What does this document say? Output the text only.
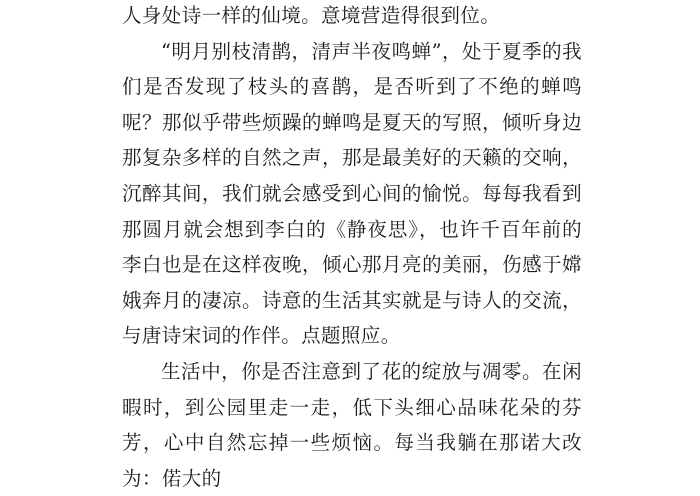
人身处诗一样的仙境。意境营造得很到位。

“明月别枝清鹊，清声半夜鸣蝉”，处于夏季的我们是否发现了枝头的喜鹊，是否听到了不绝的蝉鸣呢？那似乎带些烦躁的蝉鸣是夏天的写照，倾听身边那复杂多样的自然之声，那是最美好的天籁的交响，沉醉其间，我们就会感受到心间的愉悦。每每我看到那圆月就会想到李白的《静夜思》，也许千百年前的李白也是在这样夜晚，倾心那月亮的美丽，伤感于嫦娥奔月的凄凉。诗意的生活其实就是与诗人的交流，与唐诗宋词的作伴。点题照应。

生活中，你是否注意到了花的绽放与凋零。在闲暇时，到公园里走一走，低下头细心品味花朵的芬芳，心中自然忘掉一些烦恼。每当我躺在那诺大改为：偌大的
